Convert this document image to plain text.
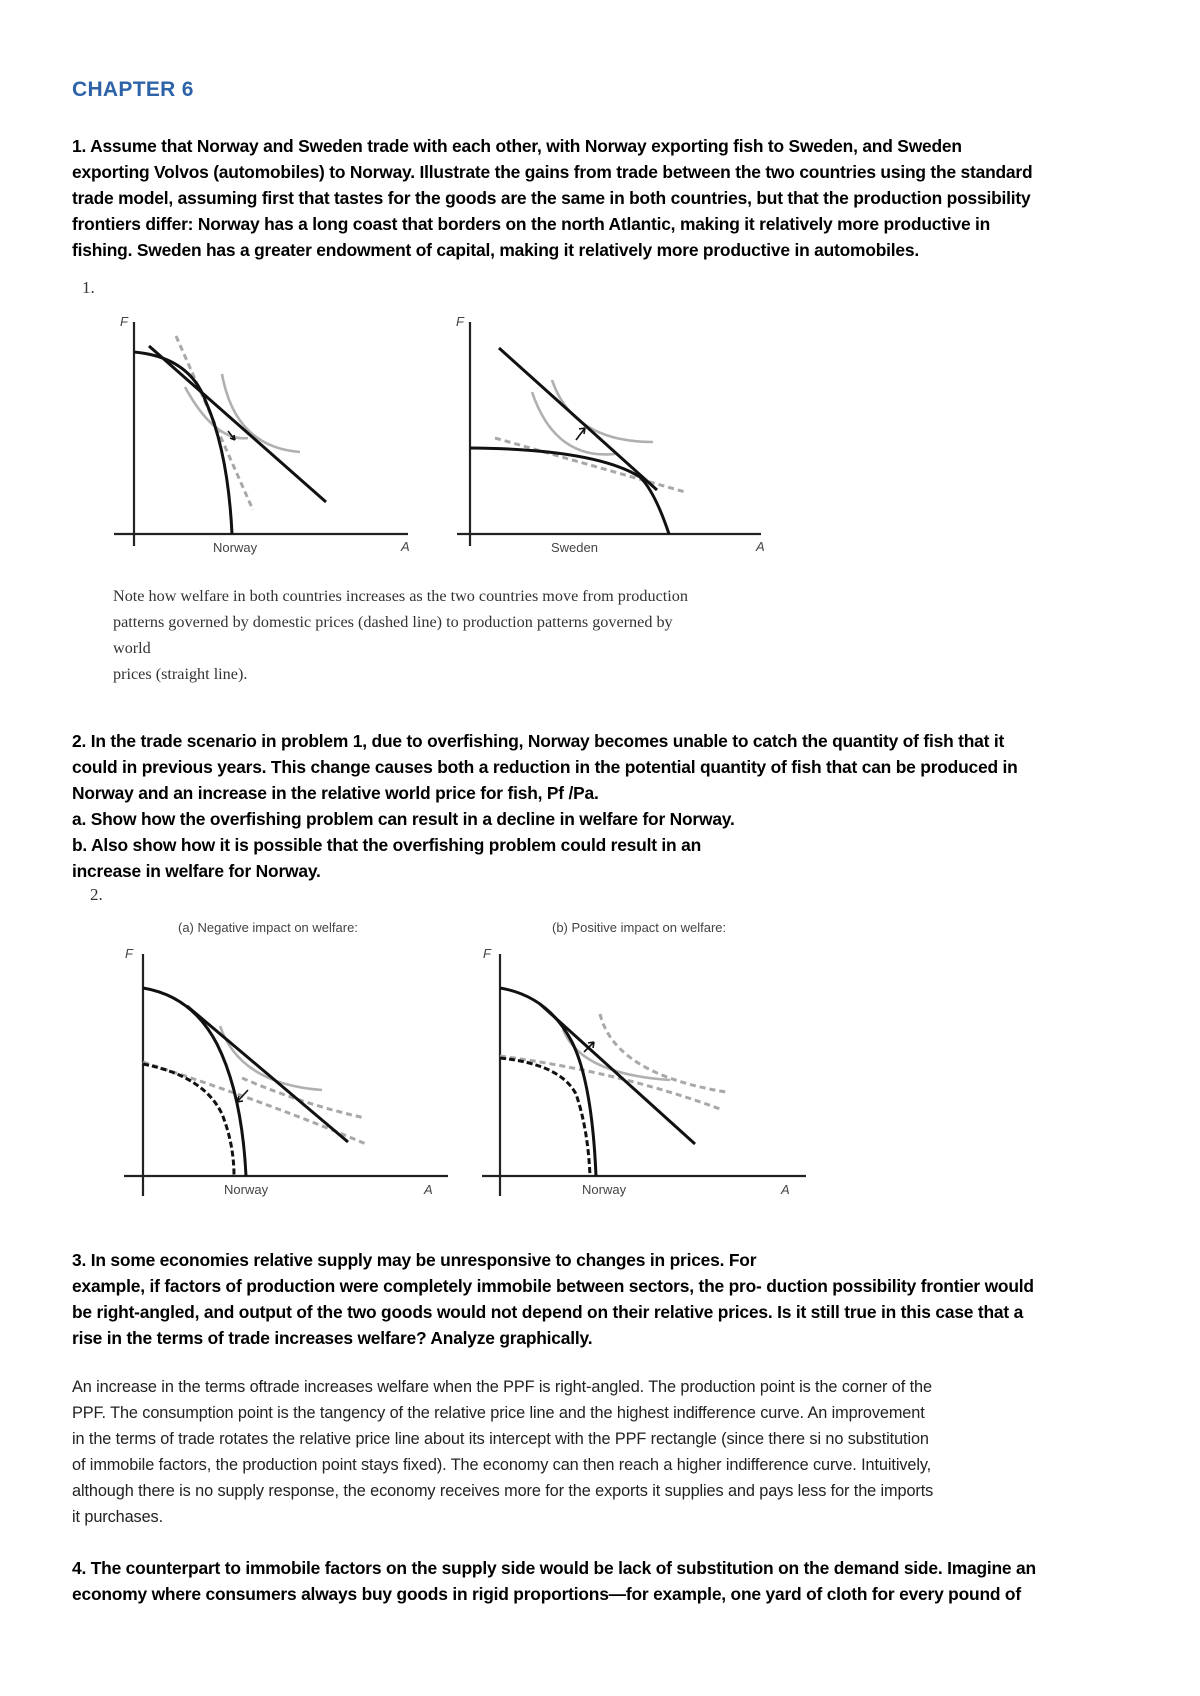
CHAPTER 6

1. Assume that Norway and Sweden trade with each other, with Norway exporting fish to Sweden, and Sweden
exporting Volvos (automobiles) to Norway. Illustrate the gains from trade between the two countries using the standard
trade model, assuming first that tastes for the goods are the same in both countries, but that the production possibility
frontiers differ: Norway has a long coast that borders on the north Atlantic, making it relatively more productive in
fishing. Sweden has a greater endowment of capital, making it relatively more productive in automobiles.

1.

F
A
Norway
F
A
Sweden

Note how welfare in both countries increases as the two countries move from production
patterns governed by domestic prices (dashed line) to production patterns governed by
world
prices (straight line).

2. In the trade scenario in problem 1, due to overfishing, Norway becomes unable to catch the quantity of fish that it
could in previous years. This change causes both a reduction in the potential quantity of fish that can be produced in
Norway and an increase in the relative world price for fish, Pf /Pa.
a. Show how the overfishing problem can result in a decline in welfare for Norway.
b. Also show how it is possible that the overfishing problem could result in an
increase in welfare for Norway.

2.

(a) Negative impact on welfare:
F
A
Norway
(b) Positive impact on welfare:
F
A
Norway

3. In some economies relative supply may be unresponsive to changes in prices. For
example, if factors of production were completely immobile between sectors, the pro- duction possibility frontier would
be right-angled, and output of the two goods would not depend on their relative prices. Is it still true in this case that a
rise in the terms of trade increases welfare? Analyze graphically.

An increase in the terms oftrade increases welfare when the PPF is right-angled. The production point is the corner of the
PPF. The consumption point is the tangency of the relative price line and the highest indifference curve. An improvement
in the terms of trade rotates the relative price line about its intercept with the PPF rectangle (since there si no substitution
of immobile factors, the production point stays fixed). The economy can then reach a higher indifference curve. Intuitively,
although there is no supply response, the economy receives more for the exports it supplies and pays less for the imports
it purchases.

4. The counterpart to immobile factors on the supply side would be lack of substitution on the demand side. Imagine an
economy where consumers always buy goods in rigid proportions—for example, one yard of cloth for every pound of
